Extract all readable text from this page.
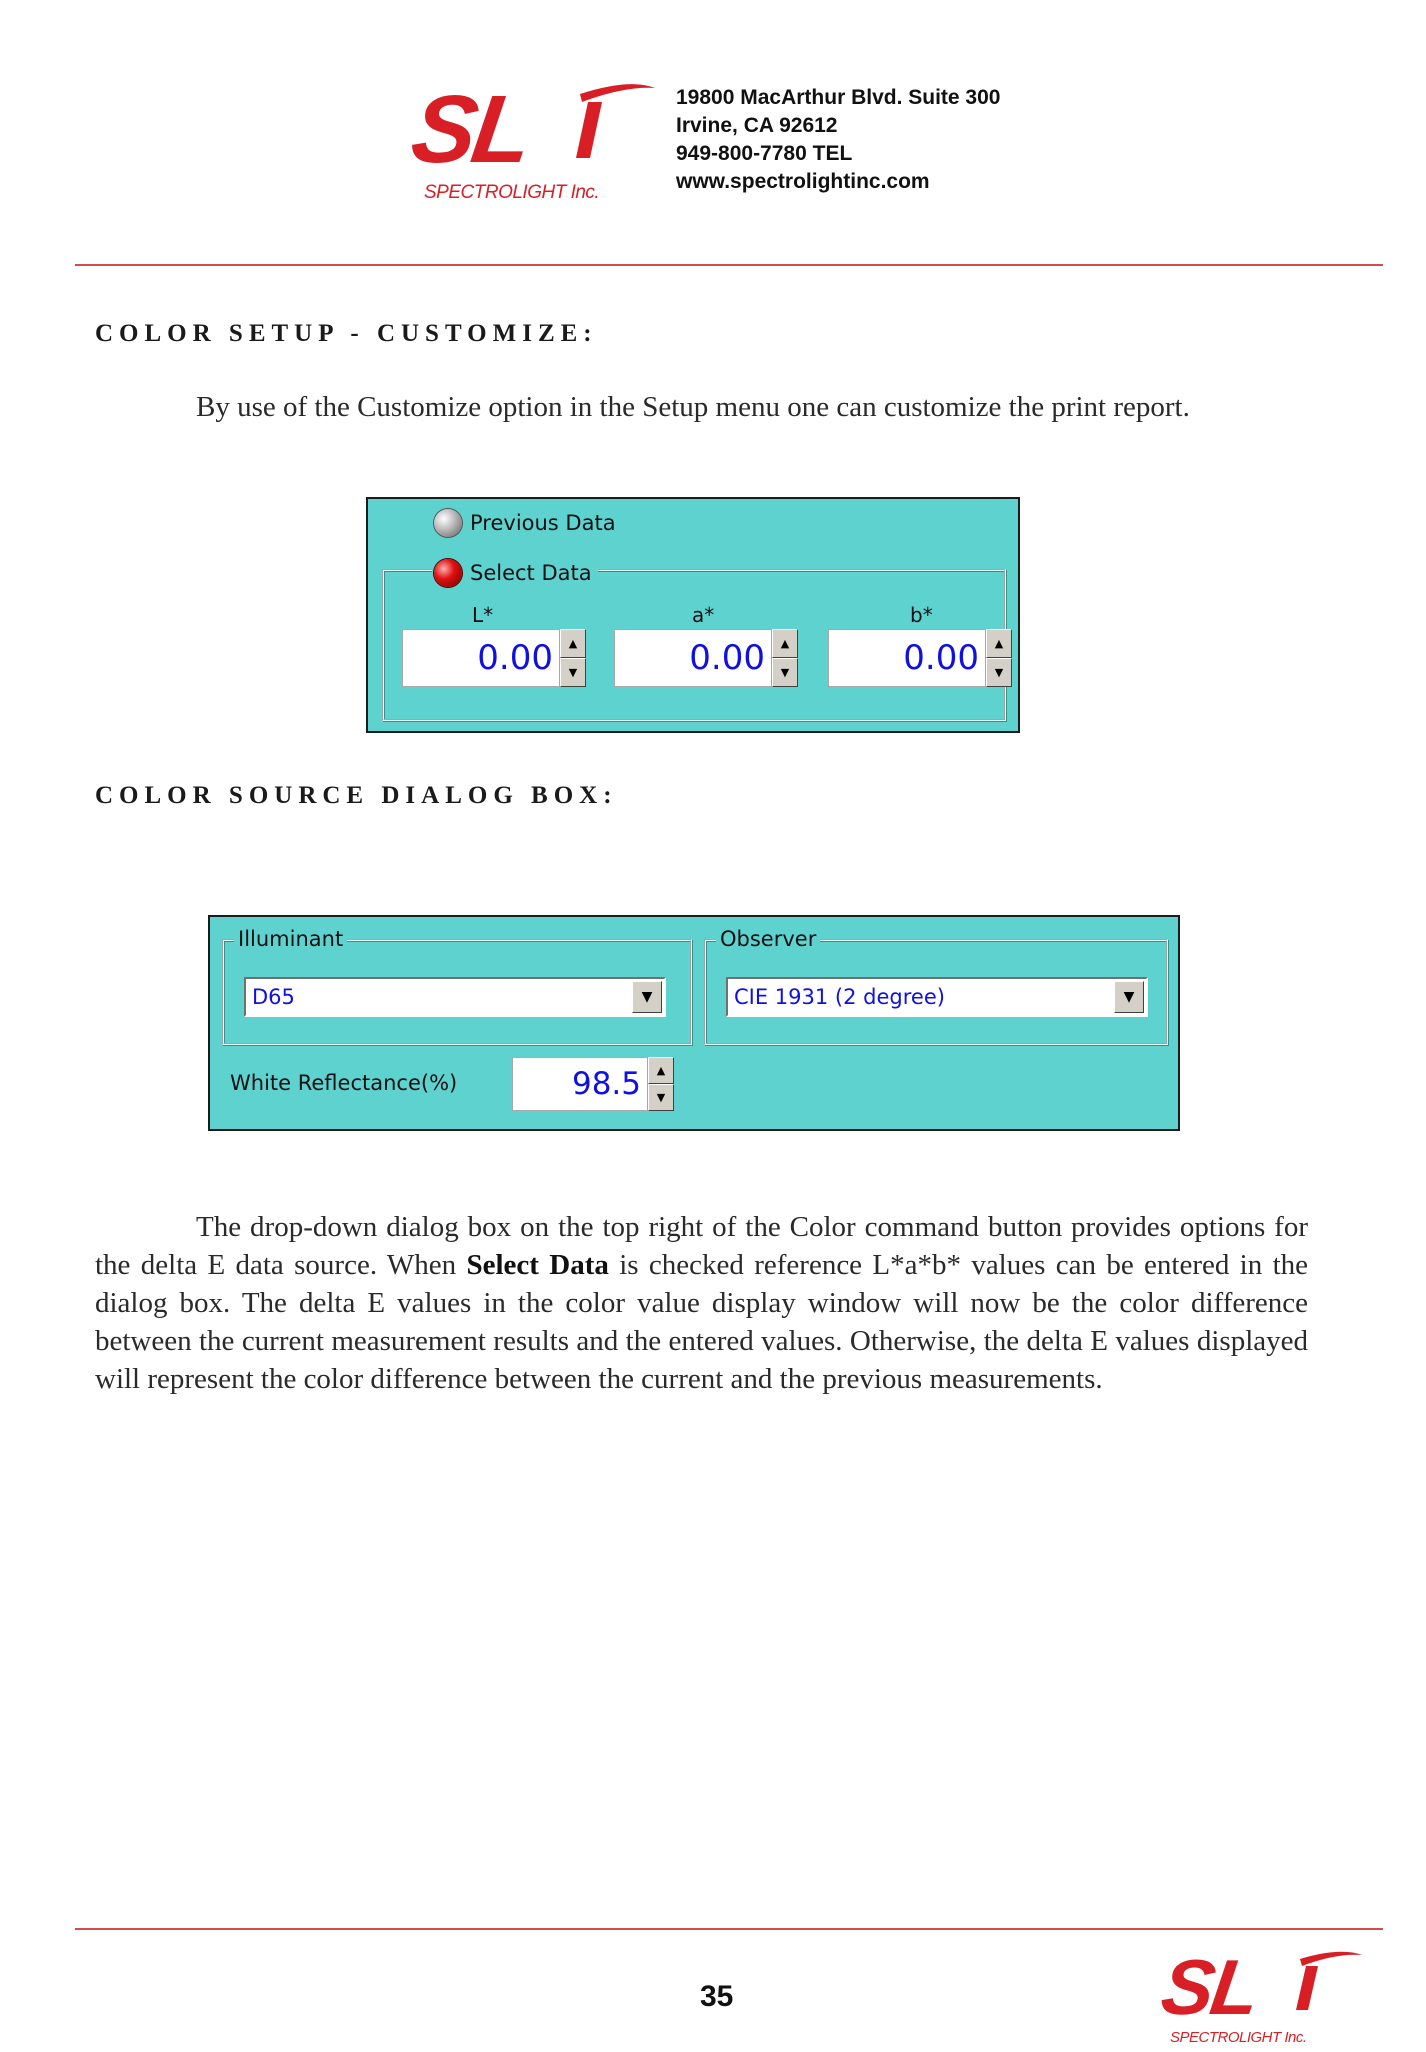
SL
SPECTROLIGHT Inc.
19800 MacArthur Blvd. Suite 300
Irvine, CA 92612
949-800-7780 TEL
www.spectrolightinc.com
COLOR SETUP - CUSTOMIZE:
By use of the Customize option in the Setup menu one can customize the print report.
Previous Data
Select Data
L*	a*	b*
0.00	▲
▼	0.00	▲
▼	0.00	▲
▼
COLOR SOURCE DIALOG BOX:
Illuminant
D65	▼
Observer
CIE 1931 (2 degree)	▼
White Reflectance(%)	98.5	▲
▼
The drop-down dialog box on the top right of the Color command button provides options for the delta E data source. When Select Data is checked reference L*a*b* values can be entered in the dialog box. The delta E values in the color value display window will now be the color difference between the current measurement results and the entered values. Otherwise, the delta E values displayed will represent the color difference between the current and the previous measurements.
35	SL
SPECTROLIGHT Inc.
